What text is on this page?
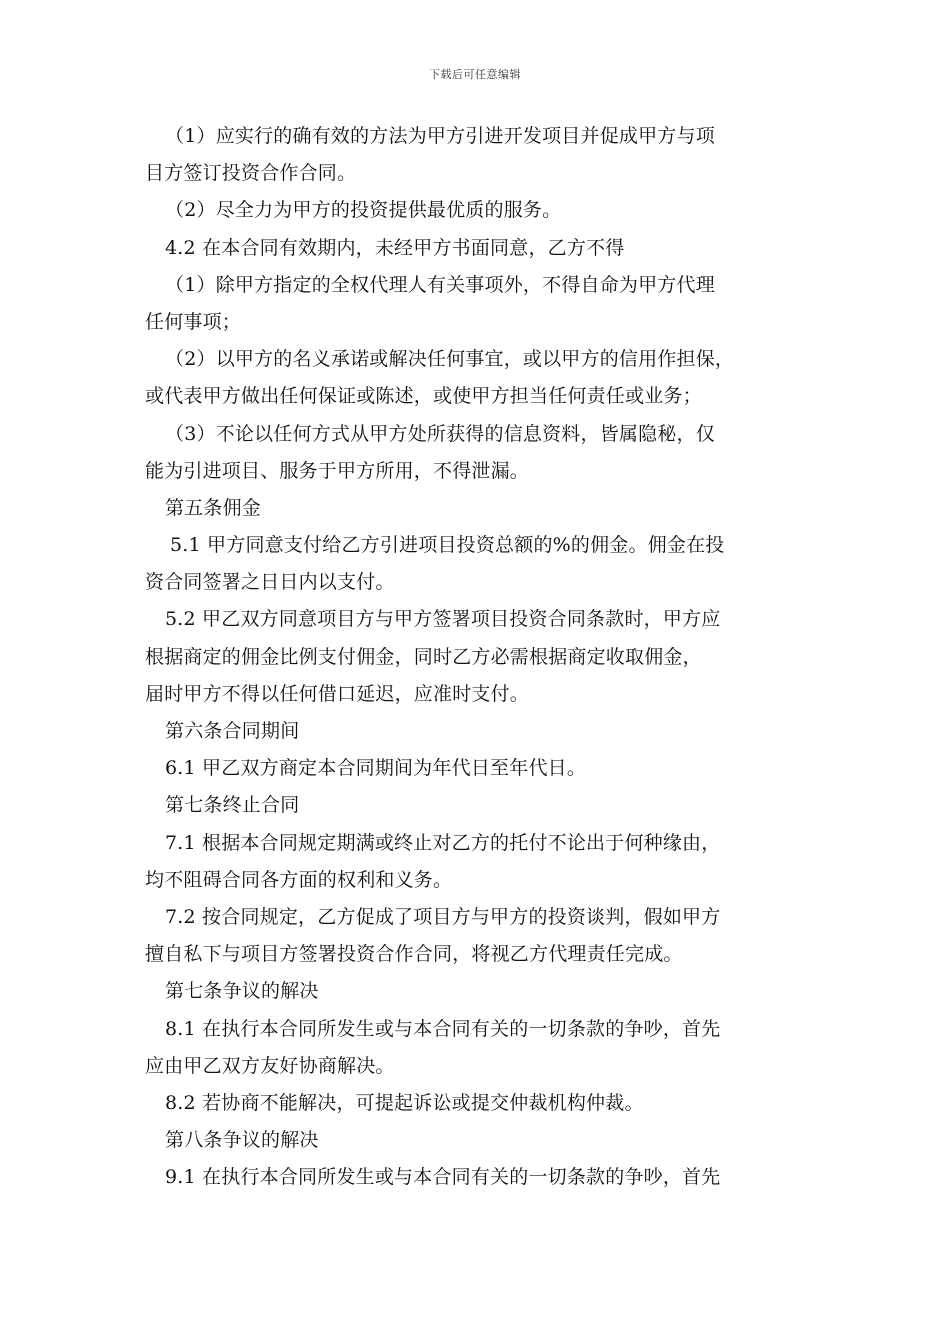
下载后可任意编辑
（1）应实行的确有效的方法为甲方引进开发项目并促成甲方与项
目方签订投资合作合同。
（2）尽全力为甲方的投资提供最优质的服务。
4.2 在本合同有效期内，未经甲方书面同意，乙方不得
（1）除甲方指定的全权代理人有关事项外，不得自命为甲方代理
任何事项；
（2）以甲方的名义承诺或解决任何事宜，或以甲方的信用作担保，
或代表甲方做出任何保证或陈述，或使甲方担当任何责任或业务；
（3）不论以任何方式从甲方处所获得的信息资料，皆属隐秘，仅
能为引进项目、服务于甲方所用，不得泄漏。
第五条佣金
5.1 甲方同意支付给乙方引进项目投资总额的%的佣金。佣金在投
资合同签署之日日内以支付。
5.2 甲乙双方同意项目方与甲方签署项目投资合同条款时，甲方应
根据商定的佣金比例支付佣金，同时乙方必需根据商定收取佣金，
届时甲方不得以任何借口延迟，应准时支付。
第六条合同期间
6.1 甲乙双方商定本合同期间为年代日至年代日。
第七条终止合同
7.1 根据本合同规定期满或终止对乙方的托付不论出于何种缘由，
均不阻碍合同各方面的权利和义务。
7.2 按合同规定，乙方促成了项目方与甲方的投资谈判，假如甲方
擅自私下与项目方签署投资合作合同，将视乙方代理责任完成。
第七条争议的解决
8.1 在执行本合同所发生或与本合同有关的一切条款的争吵，首先
应由甲乙双方友好协商解决。
8.2 若协商不能解决，可提起诉讼或提交仲裁机构仲裁。
第八条争议的解决
9.1 在执行本合同所发生或与本合同有关的一切条款的争吵，首先
